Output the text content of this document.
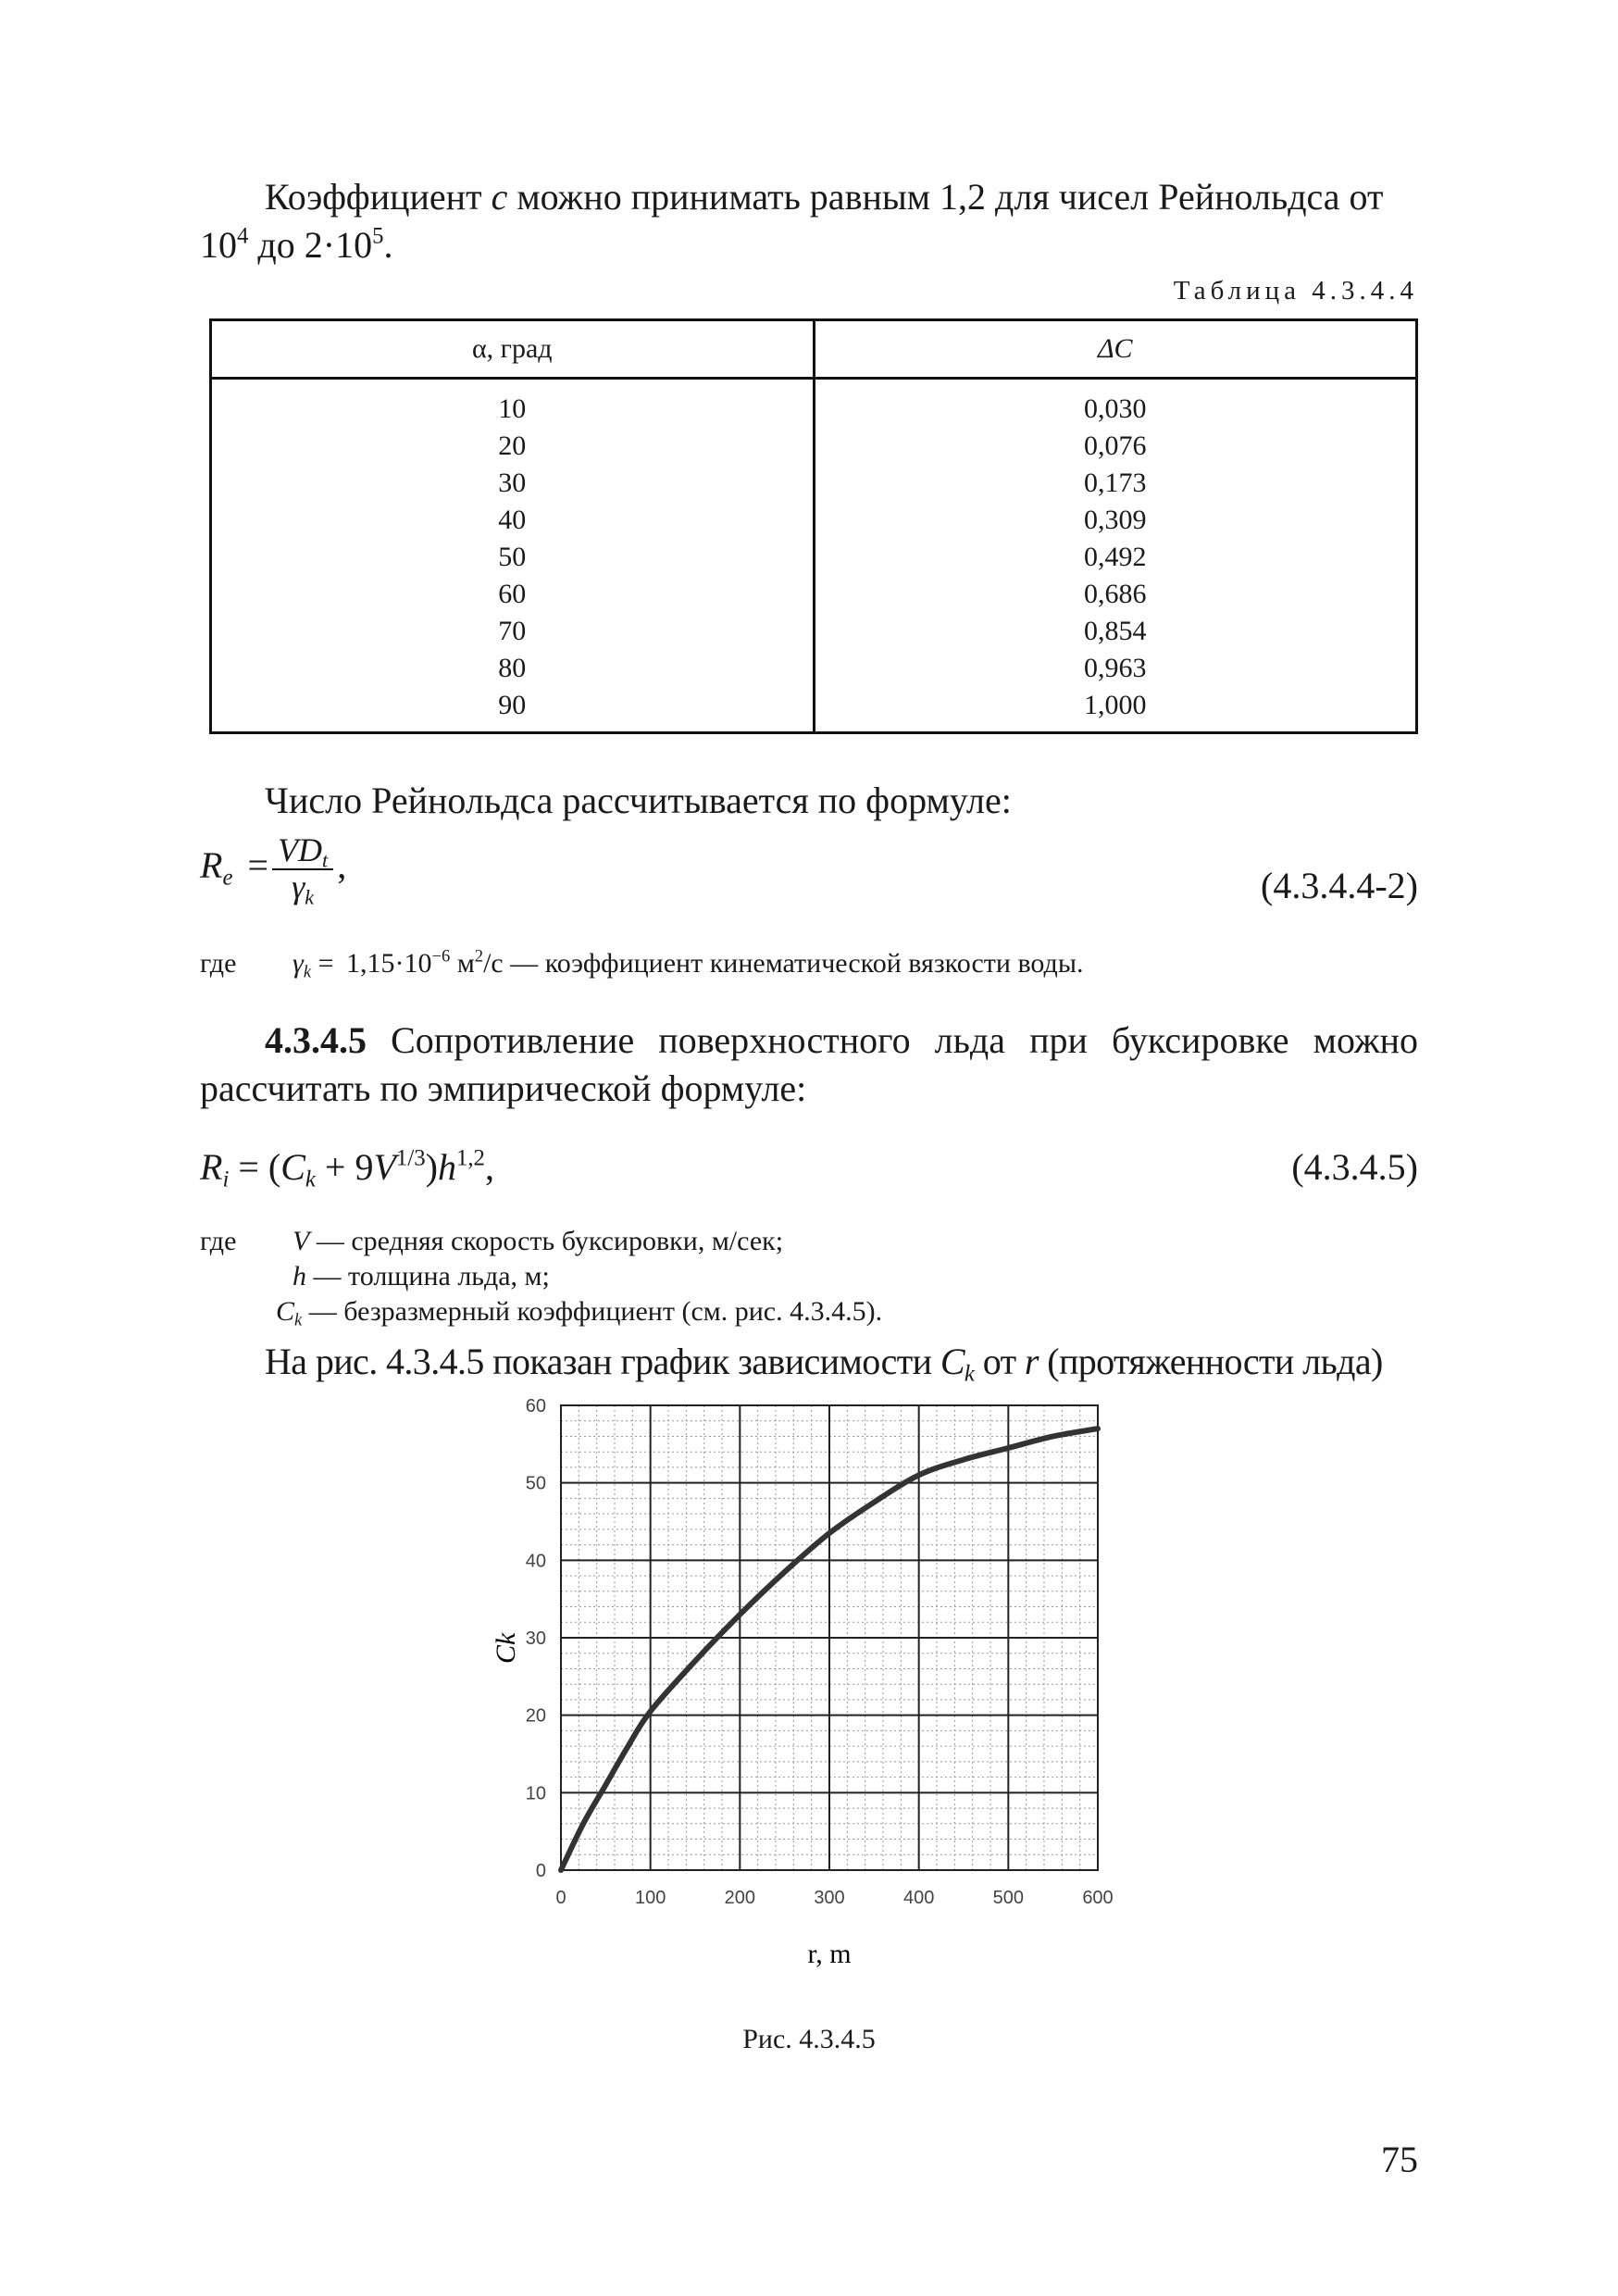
Коэффициент c можно принимать равным 1,2 для чисел Рейнольдса от
$10^4$ до $2\cdot 10^5$.
Таблица 4.3.4.4
α, град	ΔC
10	0,030
20	0,076
30	0,173
40	0,309
50	0,492
60	0,686
70	0,854
80	0,963
90	1,000
Число Рейнольдса рассчитывается по формуле:
$R_e = \frac{VD_t}{\gamma_k}$ ,	(4.3.4.4-2)
где $\gamma_k = 1,15\cdot 10^{-6}$ $м^2/с$ — коэффициент кинематической вязкости воды.
4.3.4.5 Сопротивление поверхностного льда при буксировке можно рассчитать по эмпирической формуле:
$R_i = (C_k + 9V^{1/3})h^{1,2}$,	(4.3.4.5)
где V — средняя скорость буксировки, м/сек;
h — толщина льда, м;
$C_k$ — безразмерный коэффициент (см. рис. 4.3.4.5).
На рис. 4.3.4.5 показан график зависимости $C_k$ от r (протяженности льда)
0	100	200	300	400	500	600
0
10
20
30
40
50
60
Ck
r, m
Рис. 4.3.4.5
75
